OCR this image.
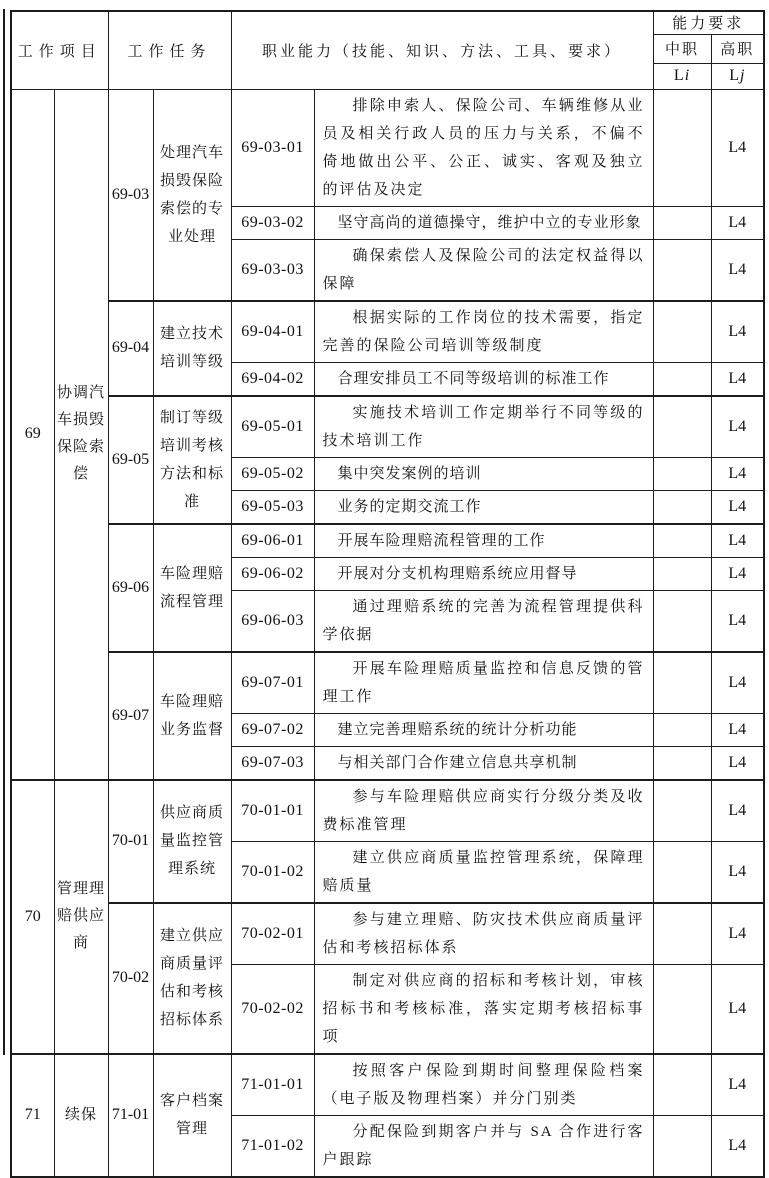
工作项目		工作任务		职业能力（技能、知识、方法、工具、要求）		能力要求	
						中职	高职
						Li	Lj
69	协调汽车损毁保险索偿	69-03	处理汽车损毁保险索偿的专业处理	69-03-01	排除申索人、保险公司、车辆维修从业员及相关行政人员的压力与关系，不偏不倚地做出公平、公正、诚实、客观及独立的评估及决定		L4
				69-03-02	坚守高尚的道德操守，维护中立的专业形象		L4
				69-03-03	确保索偿人及保险公司的法定权益得以保障		L4
		69-04	建立技术培训等级	69-04-01	根据实际的工作岗位的技术需要，指定完善的保险公司培训等级制度		L4
				69-04-02	合理安排员工不同等级培训的标准工作		L4
		69-05	制订等级培训考核方法和标准	69-05-01	实施技术培训工作定期举行不同等级的技术培训工作		L4
				69-05-02	集中突发案例的培训		L4
				69-05-03	业务的定期交流工作		L4
		69-06	车险理赔流程管理	69-06-01	开展车险理赔流程管理的工作		L4
				69-06-02	开展对分支机构理赔系统应用督导		L4
				69-06-03	通过理赔系统的完善为流程管理提供科学依据		L4
		69-07	车险理赔业务监督	69-07-01	开展车险理赔质量监控和信息反馈的管理工作		L4
				69-07-02	建立完善理赔系统的统计分析功能		L4
				69-07-03	与相关部门合作建立信息共享机制		L4
70	管理理赔供应商	70-01	供应商质量监控管理系统	70-01-01	参与车险理赔供应商实行分级分类及收费标准管理		L4
				70-01-02	建立供应商质量监控管理系统，保障理赔质量		L4
		70-02	建立供应商质量评估和考核招标体系	70-02-01	参与建立理赔、防灾技术供应商质量评估和考核招标体系		L4
				70-02-02	制定对供应商的招标和考核计划，审核招标书和考核标准，落实定期考核招标事项		L4
71	续保	71-01	客户档案管理	71-01-01	按照客户保险到期时间整理保险档案（电子版及物理档案）并分门别类		L4
				71-01-02	分配保险到期客户并与 SA 合作进行客户跟踪		L4
